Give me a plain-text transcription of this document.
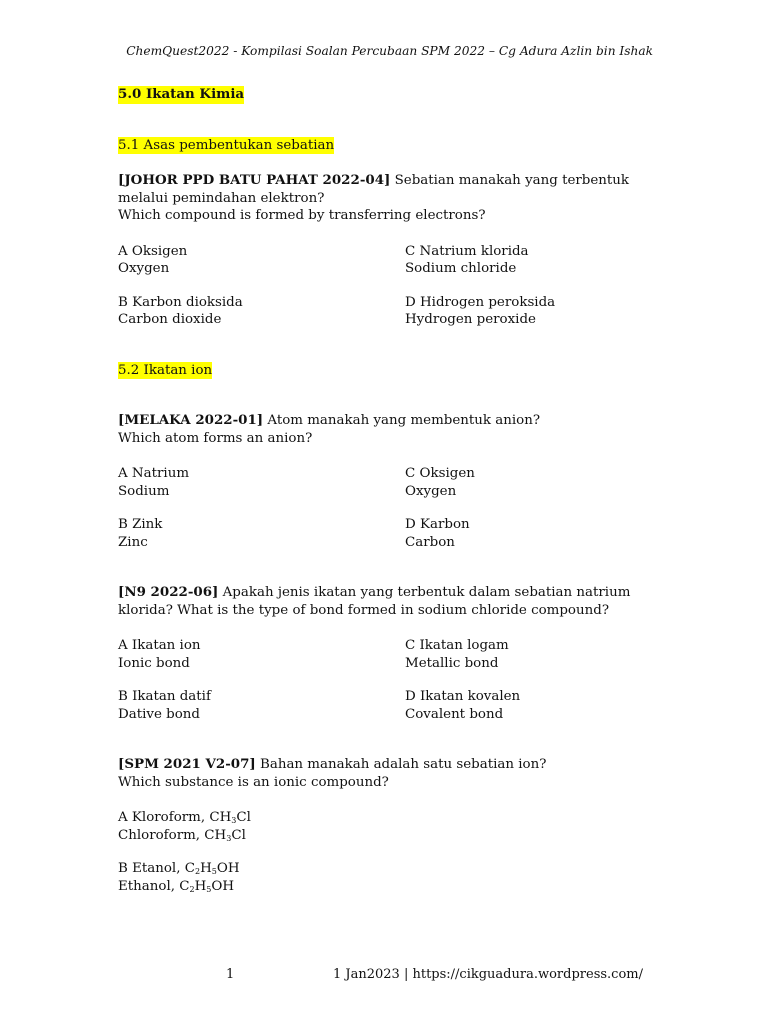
ChemQuest2022 - Kompilasi Soalan Percubaan SPM 2022 – Cg Adura Azlin bin Ishak
5.0 Ikatan Kimia
5.1 Asas pembentukan sebatian
[JOHOR PPD BATU PAHAT 2022-04] Sebatian manakah yang terbentuk melalui pemindahan elektron?
Which compound is formed by transferring electrons?
A Oksigen
Oxygen
C Natrium klorida
Sodium chloride
B Karbon dioksida
Carbon dioxide
D Hidrogen peroksida
Hydrogen peroxide
5.2 Ikatan ion
[MELAKA 2022-01] Atom manakah yang membentuk anion?
Which atom forms an anion?
A Natrium
Sodium
C Oksigen
Oxygen
B Zink
Zinc
D Karbon
Carbon
[N9 2022-06] Apakah jenis ikatan yang terbentuk dalam sebatian natrium klorida? What is the type of bond formed in sodium chloride compound?
A Ikatan ion
Ionic bond
C Ikatan logam
Metallic bond
B Ikatan datif
Dative bond
D Ikatan kovalen
Covalent bond
[SPM 2021 V2-07] Bahan manakah adalah satu sebatian ion?
Which substance is an ionic compound?
A Kloroform, $CH_3Cl$
Chloroform, $CH_3Cl$
B Etanol, $C_2H_5OH$
Ethanol, $C_2H_5OH$
1	1 Jan2023 | https://cikguadura.wordpress.com/
